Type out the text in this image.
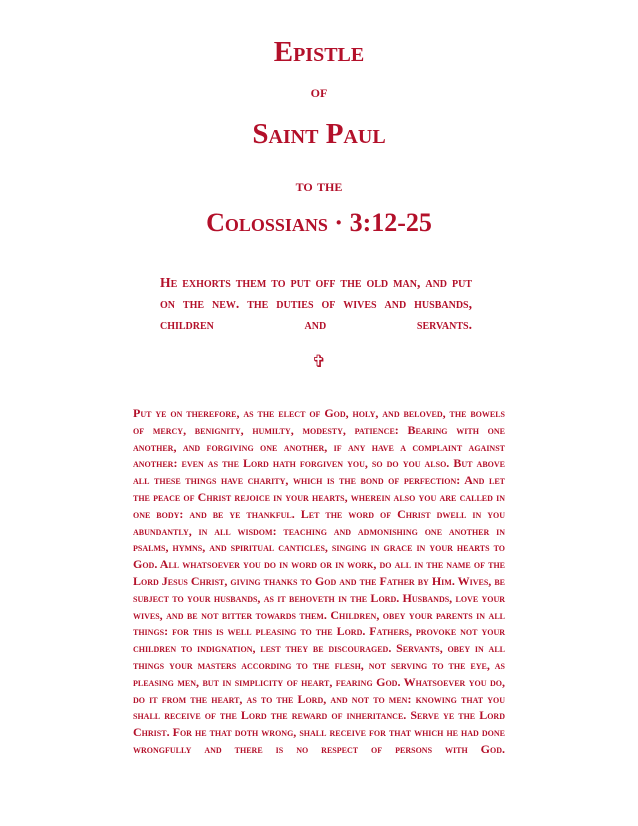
Epistle
of
Saint Paul
to the
Colossians · 3:12-25

He exhorts them to put off the old man, and put on the new. the duties of wives and husbands, children and servants.

✞

Put ye on therefore, as the elect of God, holy, and beloved, the bowels of mercy, benignity, humilty, modesty, patience: Bearing with one another, and forgiving one another, if any have a complaint against another: even as the Lord hath forgiven you, so do you also. But above all these things have charity, which is the bond of perfection: And let the peace of Christ rejoice in your hearts, wherein also you are called in one body: and be ye thankful. Let the word of Christ dwell in you abundantly, in all wisdom: teaching and admonishing one another in psalms, hymns, and spiritual canticles, singing in grace in your hearts to God. All whatsoever you do in word or in work, do all in the name of the Lord Jesus Christ, giving thanks to God and the Father by Him. Wives, be subject to your husbands, as it behoveth in the Lord. Husbands, love your wives, and be not bitter towards them. Children, obey your parents in all things: for this is well pleasing to the Lord. Fathers, provoke not your children to indignation, lest they be discouraged. Servants, obey in all things your masters according to the flesh, not serving to the eye, as pleasing men, but in simplicity of heart, fearing God. Whatsoever you do, do it from the heart, as to the Lord, and not to men: knowing that you shall receive of the Lord the reward of inheritance. Serve ye the Lord Christ. For he that doth wrong, shall receive for that which he had done wrongfully and there is no respect of persons with God.
